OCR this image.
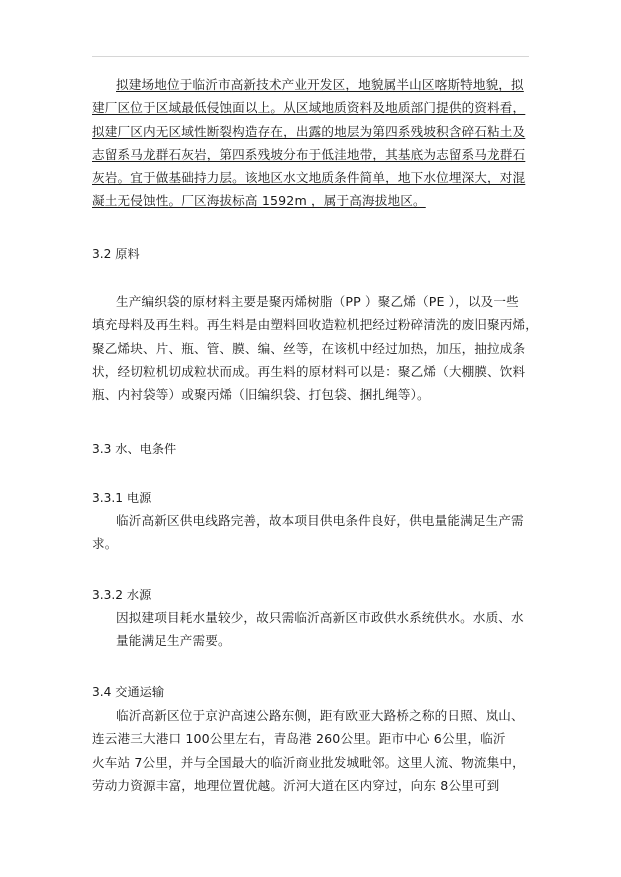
拟建场地位于临沂市高新技术产业开发区，地貌属半山区喀斯特地貌，拟
建厂区位于区域最低侵蚀面以上。从区域地质资料及地质部门提供的资料看，
拟建厂区内无区域性断裂构造存在，出露的地层为第四系残坡积含碎石粘土及
志留系马龙群石灰岩，第四系残坡分布于低洼地带，其基底为志留系马龙群石
灰岩。宜于做基础持力层。该地区水文地质条件简单，地下水位埋深大，对混
凝土无侵蚀性。厂区海拔标高 1592m ，属于高海拔地区。
3.2 原料
生产编织袋的原材料主要是聚丙烯树脂（PP ）聚乙烯（PE ），以及一些
填充母料及再生料。再生料是由塑料回收造粒机把经过粉碎清洗的废旧聚丙烯，
聚乙烯块、片、瓶、管、膜、编、丝等，在该机中经过加热，加压，抽拉成条
状，经切粒机切成粒状而成。再生料的原材料可以是：聚乙烯（大棚膜、饮料
瓶、内衬袋等）或聚丙烯（旧编织袋、打包袋、捆扎绳等）。
3.3 水、电条件
3.3.1 电源
临沂高新区供电线路完善，故本项目供电条件良好，供电量能满足生产需
求。
3.3.2 水源
因拟建项目耗水量较少，故只需临沂高新区市政供水系统供水。水质、水
量能满足生产需要。
3.4 交通运输
临沂高新区位于京沪高速公路东侧，距有欧亚大路桥之称的日照、岚山、
连云港三大港口 100公里左右，青岛港 260公里。距市中心 6公里，临沂
火车站 7公里，并与全国最大的临沂商业批发城毗邻。这里人流、物流集中，
劳动力资源丰富，地理位置优越。沂河大道在区内穿过，向东 8公里可到
